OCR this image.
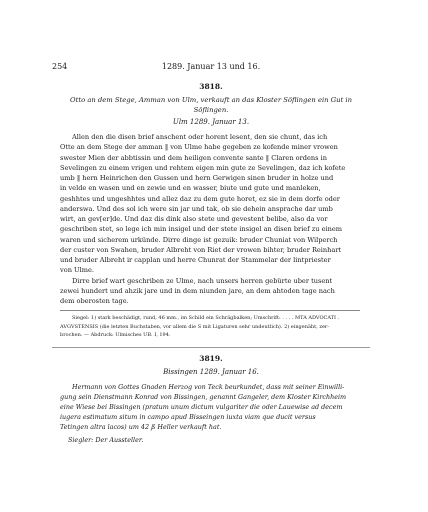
254	1289. Januar 13 und 16.
3818.
Otto an dem Stege, Amman von Ulm, verkauft an das Kloster Söflingen ein Gut in
Söflingen.
Ulm 1289. Januar 13.
Allen den die disen brief anschent oder horent lesent, den sie chunt, das ich
Otte an dem Stege der amman ‖ von Ulme habe gegeben ze kofende miner vrowen
swester Mien der abbtissin und dem heiligen convente sante ‖ Claren ordens in
Sevelingen zu einem vrigen und rehtem eigen min gute ze Sevelingen, daz ich kofete
umb ‖ hern Heinrichen den Gussen und hern Gerwigen sinen bruder in holze und
in velde en wasen und en zewie und en wasser, biute und gute und manleken,
geshhtes und ungeshhtes und allez daz zu dem gute horet, ez sie in dem dorfe oder
anderswa. Und des sol ich were sin jar und tak, ob sie dehein ansprache dar umb
wirt, an gev[er]de. Und daz dis dink also stete und gevestent belibe, also da vor
geschriben stet, so lege ich min insigel und der stete insigel an disen brief zu einem
waren und sicherem urkünde. Dirre dinge ist gezuik: bruder Chuniat von Wilperch
der custer von Swahen, bruder Albreht von Riet der vrowen bihter, bruder Reinhart
und bruder Albreht ir capplan und herre Chunrat der Stammelar der lintpriester
von Ulme.
Dirre brief wart geschriben ze Ulme, nach unsers herren gebürte uber tusent
zewei hundert und ahzik jare und in dem niunden jare, an dem ahtoden tage nach
dem oberosten tage.
Siegel: 1) stark beschädigt, rund, 46 mm., im Schild ein Schrägbalken; Umschrift: . . . . MTA ADVOCATI .
AVGVSTENSIS (die letzten Buchstaben, vor allem die S mit Ligaturen sehr undeutlich). 2) eingenäht, zer-
brochen. — Abdruck: Ulmisches UB. I, 194.
3819.
Bissingen 1289. Januar 16.
Hermann von Gottes Gnaden Herzog von Teck beurkundet, dass mit seiner Einwilli-
gung sein Dienstmann Konrad von Bissingen, genannt Gangeler, dem Kloster Kirchheim
eine Wiese bei Bissingen (pratum unum dictum vulgariter die oder Lauewise ad decem
iugera estimatum situm in campo apud Bisseingen iuxta viam que ducit versus
Tetingen altra lacos) um 42 ß Heller verkauft hat.
Siegler: Der Aussteller.
